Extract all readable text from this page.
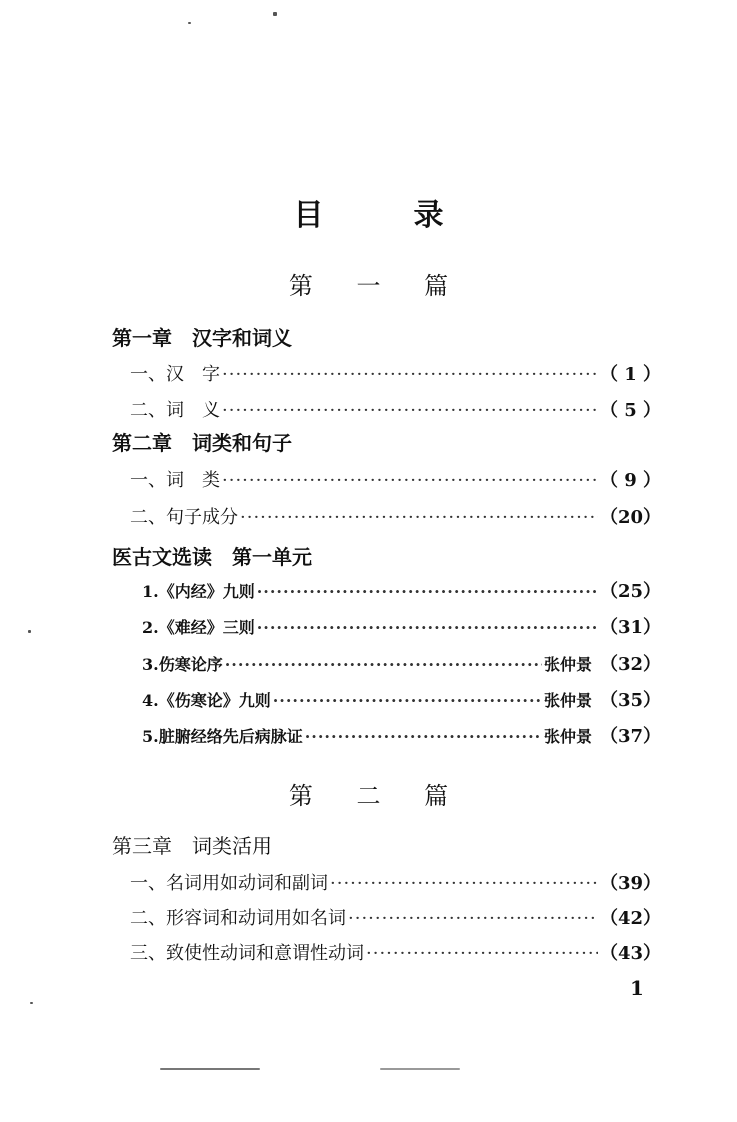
目　录
第 一 篇
第一章　汉字和词义
一、汉　字 ·····	（ 1 ）
二、词　义 ·····	（ 5 ）
第二章　词类和句子
一、词　类 ·····	（ 9 ）
二、句子成分 ·····	（20）
医古文选读　第一单元
1.《内经》九则 ·····	（25）
2.《难经》三则 ·····	（31）
3.伤寒论序 ·····	张仲景 （32）
4.《伤寒论》九则 ·····	张仲景 （35）
5.脏腑经络先后病脉证 ·····	张仲景 （37）
第 二 篇
第三章　词类活用
一、名词用如动词和副词 ·····	（39）
二、形容词和动词用如名词 ·····	（42）
三、致使性动词和意谓性动词 ·····	（43）
1
